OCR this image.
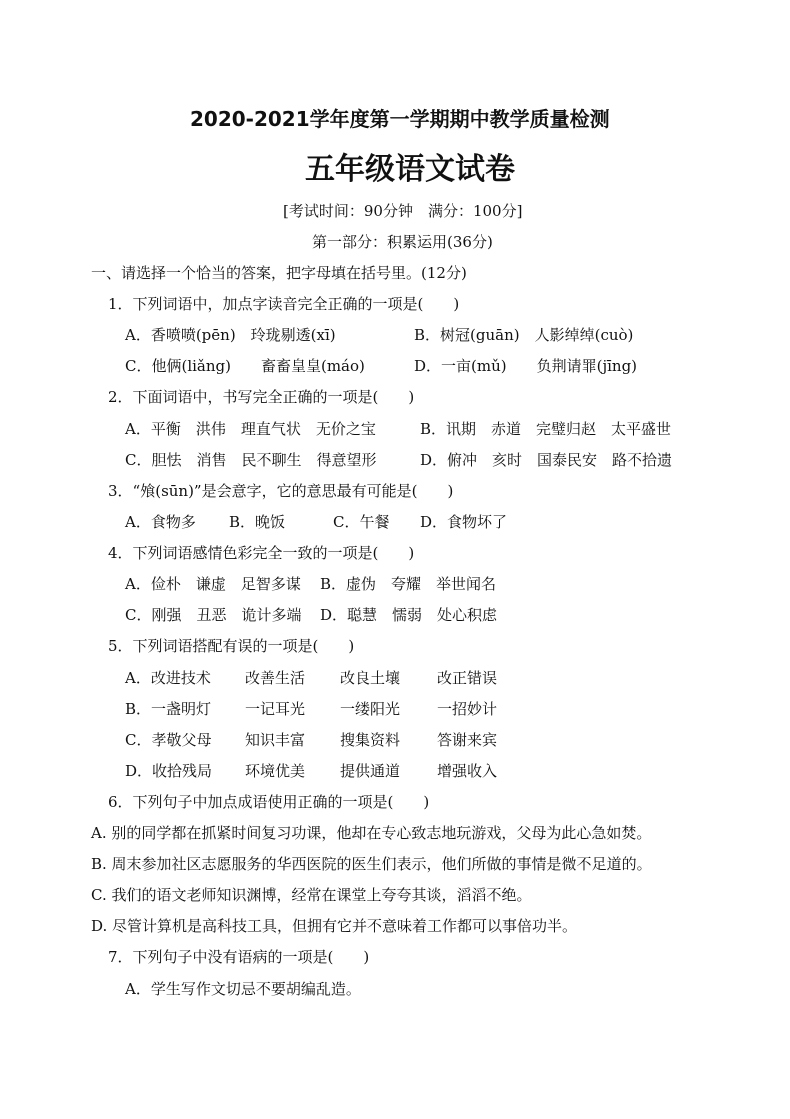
2020-2021学年度第一学期期中教学质量检测
五年级语文试卷
[考试时间：90分钟　满分：100分]
第一部分：积累运用(36分)
一、请选择一个恰当的答案，把字母填在括号里。(12分)
1．下列词语中，加点字读音完全正确的一项是(　　)
A．香喷喷(pēn)　玲珑剔透(xī)	B．树冠(guān)　人影绰绰(cuò)
C．他俩(liǎng)　　畜畜皇皇(máo)	D．一亩(mǔ)　　负荆请罪(jīng)
2．下面词语中，书写完全正确的一项是(　　)
A．平衡　洪伟　理直气状　无价之宝	B．讯期　赤道　完璧归赵　太平盛世
C．胆怯　消售　民不聊生　得意望形	D．俯冲　亥时　国泰民安　路不拾遗
3．“飧(sūn)”是会意字，它的意思最有可能是(　　)
A．食物多 B．晚饭	C．午餐 D．食物坏了
4．下列词语感情色彩完全一致的一项是(　　)
A．俭朴　谦虚　足智多谋 B．虚伪　夸耀　举世闻名
C．刚强　丑恶　诡计多端 D．聪慧　懦弱　处心积虑
5．下列词语搭配有误的一项是(　　)
A．改进技术 改善生活 改良土壤 改正错误
B．一盏明灯 一记耳光 一缕阳光 一招妙计
C．孝敬父母 知识丰富 搜集资料 答谢来宾
D．收拾残局 环境优美 提供通道 增强收入
6．下列句子中加点成语使用正确的一项是(　　)
A. 别的同学都在抓紧时间复习功课，他却在专心致志地玩游戏，父母为此心急如焚。
B. 周末参加社区志愿服务的华西医院的医生们表示，他们所做的事情是微不足道的。
C. 我们的语文老师知识渊博，经常在课堂上夸夸其谈，滔滔不绝。
D. 尽管计算机是高科技工具，但拥有它并不意味着工作都可以事倍功半。
7．下列句子中没有语病的一项是(　　)
A．学生写作文切忌不要胡编乱造。
